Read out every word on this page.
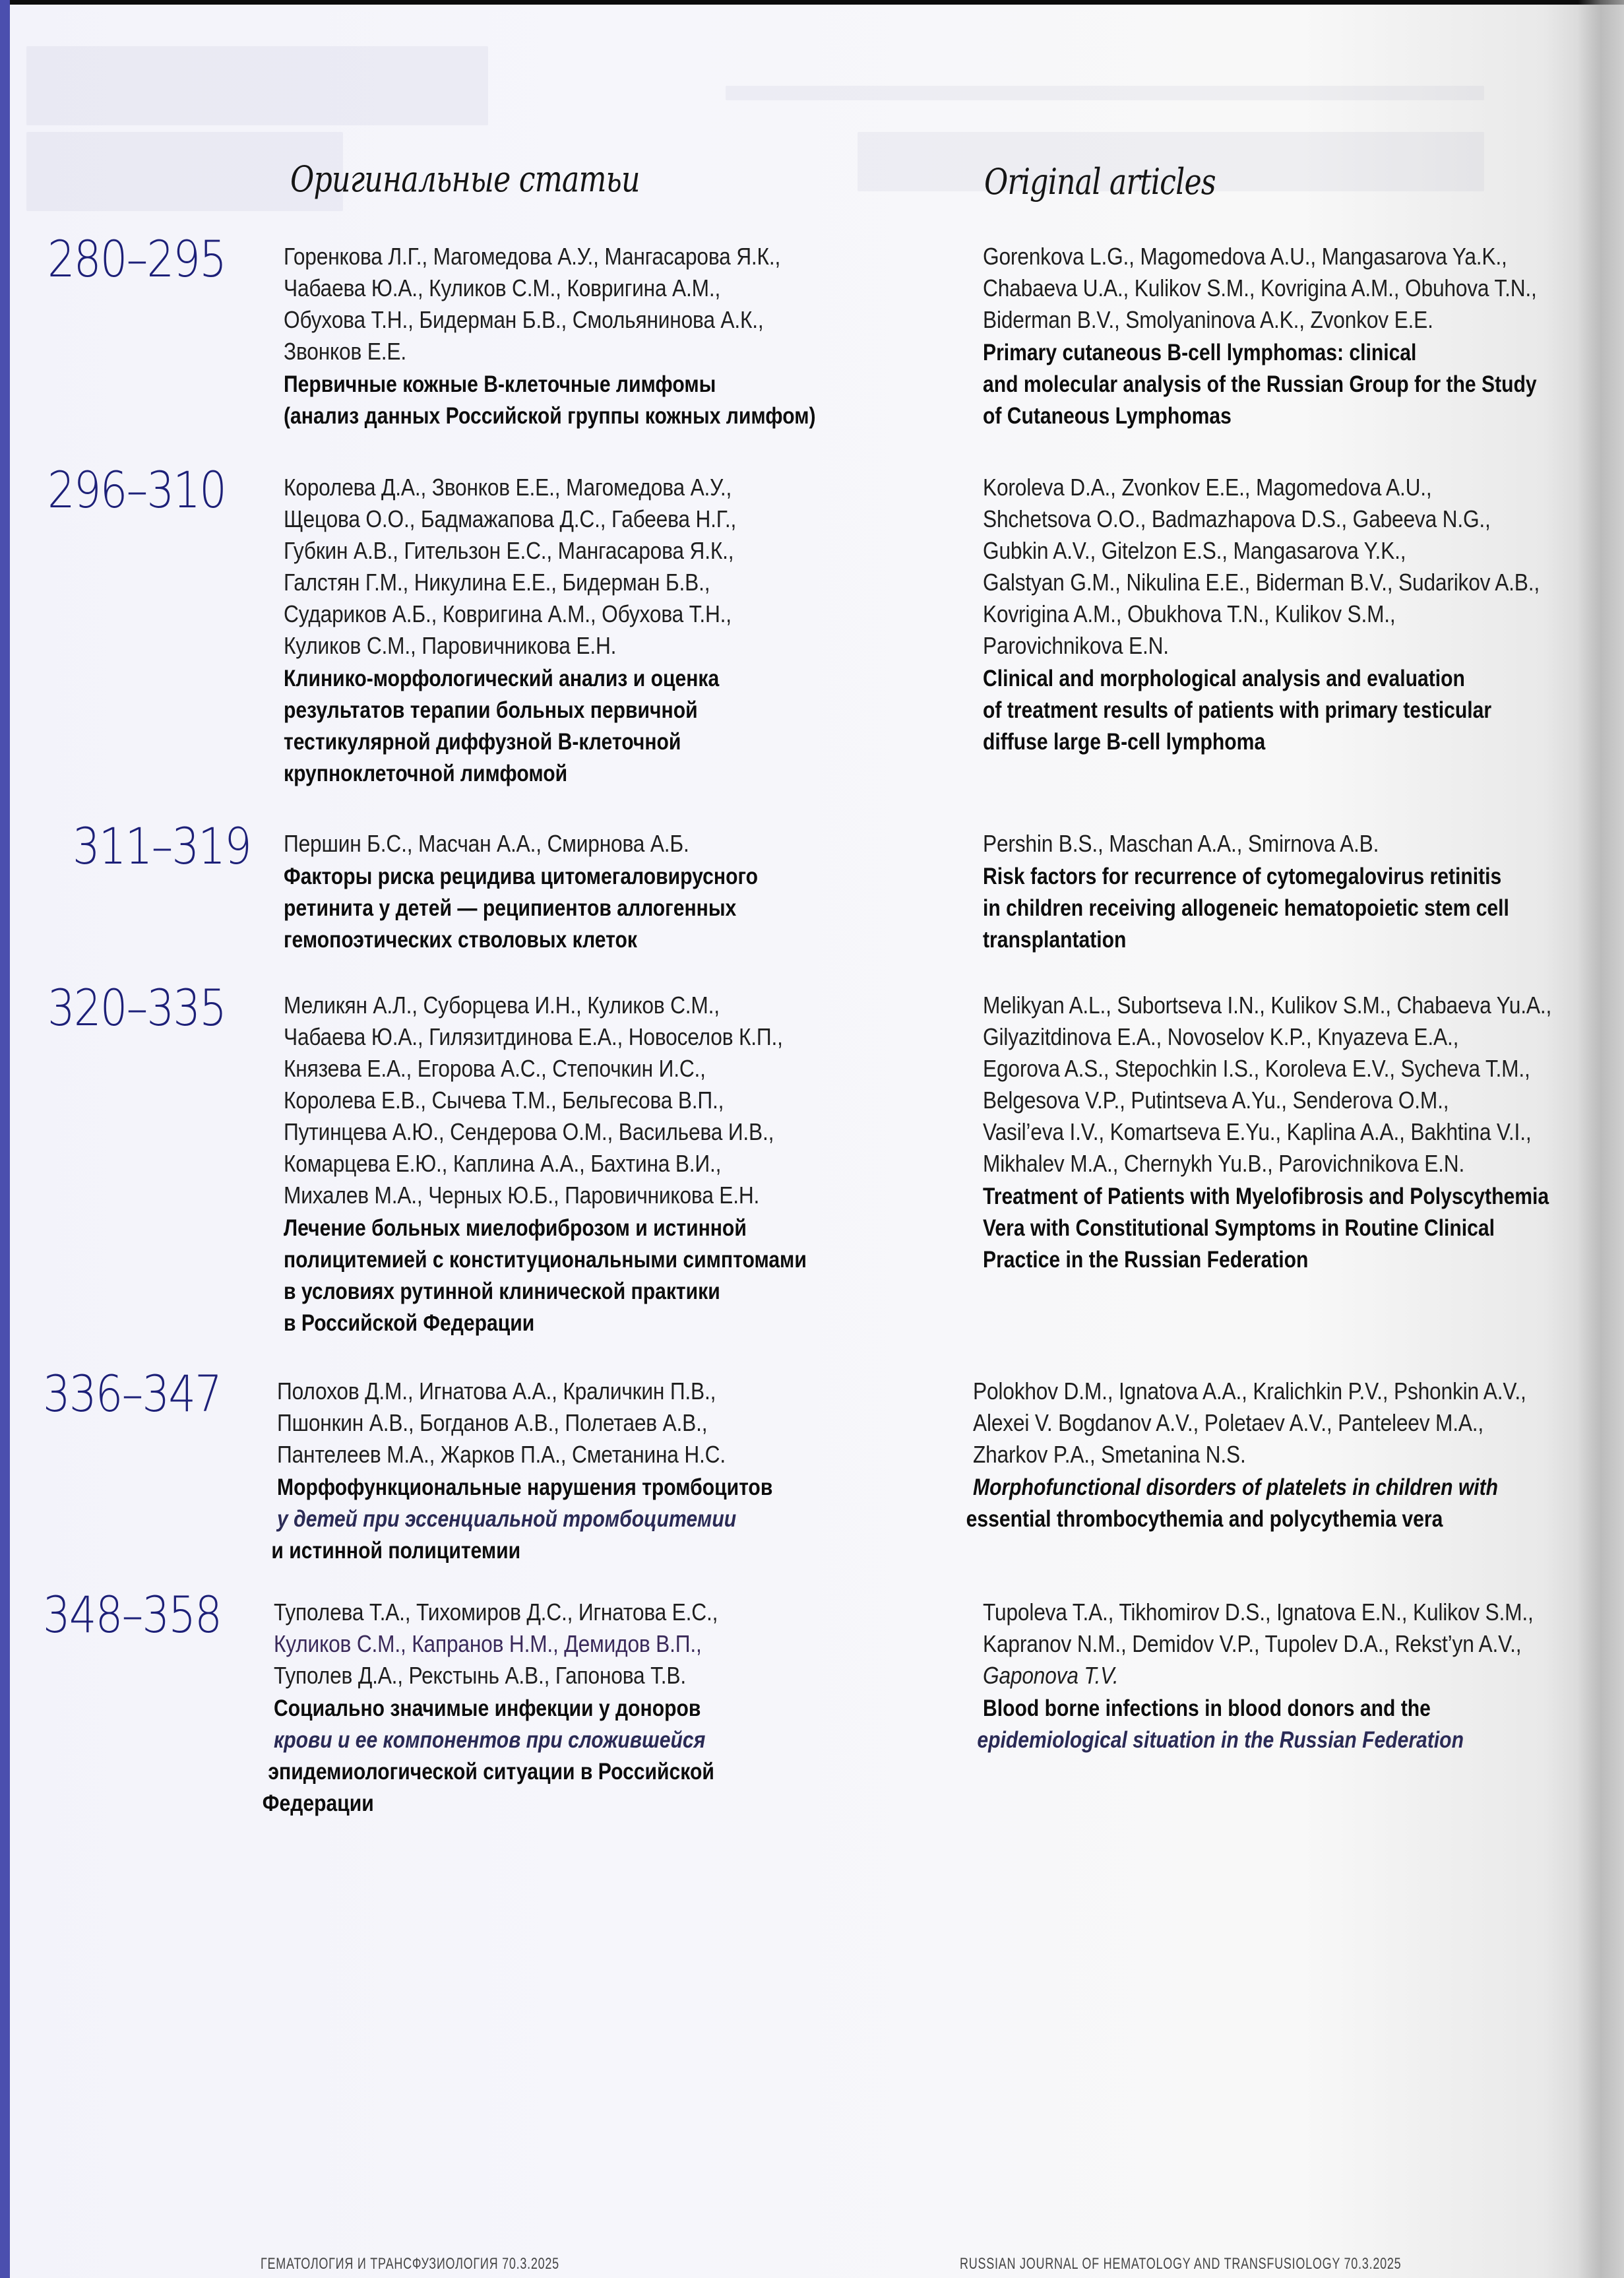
Оригинальные статьи	Original articles
280–295 Горенкова Л.Г., Магомедова А.У., Мангасарова Я.К.,
Чабаева Ю.А., Куликов С.М., Ковригина А.М.,
Обухова Т.Н., Бидерман Б.В., Смольянинова А.К.,
Звонков Е.Е.
Первичные кожные В-клеточные лимфомы
(анализ данных Российской группы кожных лимфом)
Gorenkova L.G., Magomedova A.U., Mangasarova Ya.K.,
Chabaeva U.A., Kulikov S.M., Kovrigina A.M., Obuhova T.N.,
Biderman B.V., Smolyaninova A.K., Zvonkov E.E.
Primary cutaneous B-cell lymphomas: clinical
and molecular analysis of the Russian Group for the Study
of Cutaneous Lymphomas
296–310 Королева Д.А., Звонков Е.Е., Магомедова А.У.,
Щецова О.О., Бадмажапова Д.С., Габеева Н.Г.,
Губкин А.В., Гительзон Е.С., Мангасарова Я.К.,
Галстян Г.М., Никулина Е.Е., Бидерман Б.В.,
Судариков А.Б., Ковригина А.М., Обухова Т.Н.,
Куликов С.М., Паровичникова Е.Н.
Клинико-морфологический анализ и оценка
результатов терапии больных первичной
тестикулярной диффузной В-клеточной
крупноклеточной лимфомой
Koroleva D.A., Zvonkov E.E., Magomedova A.U.,
Shchetsova O.O., Badmazhapova D.S., Gabeeva N.G.,
Gubkin A.V., Gitelzon E.S., Mangasarova Y.K.,
Galstyan G.M., Nikulina E.E., Biderman B.V., Sudarikov A.B.,
Kovrigina A.M., Obukhova T.N., Kulikov S.M.,
Parovichnikova E.N.
Clinical and morphological analysis and evaluation
of treatment results of patients with primary testicular
diffuse large B-cell lymphoma
311–319 Першин Б.С., Масчан А.А., Смирнова А.Б.
Факторы риска рецидива цитомегаловирусного
ретинита у детей — реципиентов аллогенных
гемопоэтических стволовых клеток
Pershin B.S., Maschan A.A., Smirnova A.B.
Risk factors for recurrence of cytomegalovirus retinitis
in children receiving allogeneic hematopoietic stem cell
transplantation
320–335 Меликян А.Л., Суборцева И.Н., Куликов С.М.,
Чабаева Ю.А., Гилязитдинова Е.А., Новоселов К.П.,
Князева Е.А., Егорова А.С., Степочкин И.С.,
Королева Е.В., Сычева Т.М., Бельгесова В.П.,
Путинцева А.Ю., Сендерова О.М., Васильева И.В.,
Комарцева Е.Ю., Каплина А.А., Бахтина В.И.,
Михалев М.А., Черных Ю.Б., Паровичникова Е.Н.
Лечение больных миелофиброзом и истинной
полицитемией с конституциональными симптомами
в условиях рутинной клинической практики
в Российской Федерации
Melikyan A.L., Subortseva I.N., Kulikov S.M., Chabaeva Yu.A.,
Gilyazitdinova E.A., Novoselov K.P., Knyazeva E.A.,
Egorova A.S., Stepochkin I.S., Koroleva E.V., Sycheva T.M.,
Belgesova V.P., Putintseva A.Yu., Senderova O.M.,
Vasil’eva I.V., Komartseva E.Yu., Kaplina A.A., Bakhtina V.I.,
Mikhalev M.A., Chernykh Yu.B., Parovichnikova E.N.
Treatment of Patients with Myelofibrosis and Polyscythemia
Vera with Constitutional Symptoms in Routine Clinical
Practice in the Russian Federation
336–347 Полохов Д.М., Игнатова А.А., Краличкин П.В.,
Пшонкин А.В., Богданов А.В., Полетаев А.В.,
Пантелеев М.А., Жарков П.А., Сметанина Н.С.
Морфофункциональные нарушения тромбоцитов
у детей при эссенциальной тромбоцитемии
и истинной полицитемии
Polokhov D.M., Ignatova A.A., Kralichkin P.V., Pshonkin A.V.,
Alexei V. Bogdanov A.V., Poletaev A.V., Panteleev M.A.,
Zharkov P.A., Smetanina N.S.
Morphofunctional disorders of platelets in children with
essential thrombocythemia and polycythemia vera
348–358 Туполева Т.А., Тихомиров Д.С., Игнатова Е.С.,
Куликов С.М., Капранов Н.М., Демидов В.П.,
Туполев Д.А., Рекстынь А.В., Гапонова Т.В.
Социально значимые инфекции у доноров
крови и ее компонентов при сложившейся
эпидемиологической ситуации в Российской
Федерации
Tupoleva T.A., Tikhomirov D.S., Ignatova E.N., Kulikov S.M.,
Kapranov N.M., Demidov V.P., Tupolev D.A., Rekst’yn A.V.,
Gaponova T.V.
Blood borne infections in blood donors and the
epidemiological situation in the Russian Federation
ГЕМАТОЛОГИЯ И ТРАНСФУЗИОЛОГИЯ 70.3.2025	RUSSIAN JOURNAL OF HEMATOLOGY AND TRANSFUSIOLOGY 70.3.2025
